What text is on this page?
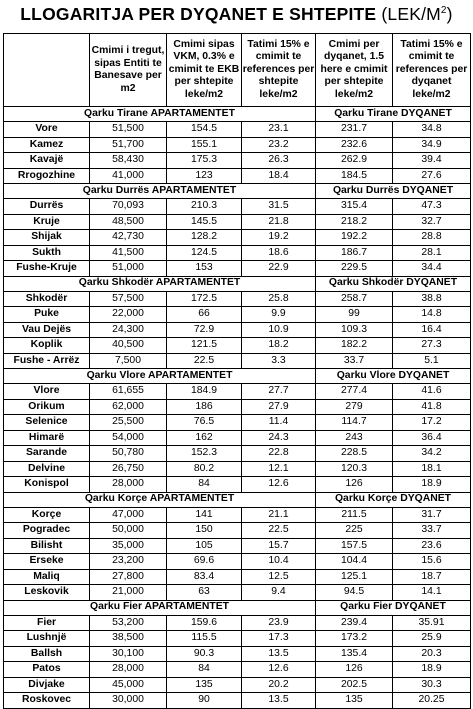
LLOGARITJA PER DYQANET E SHTEPITE $(LEK/M^2)$
	Cmimi i tregut, sipas Entiti te Banesave per m2	Cmimi sipas VKM, 0.3% e cmimit te EKB per shtepite leke/m2	Tatimi 15% e cmimit te references per shtepite leke/m2	Cmimi per dyqanet, 1.5 here e cmimit per shtepite leke/m2	Tatimi 15% e cmimit te references per dyqanet leke/m2
Qarku Tirane APARTAMENTET				Qarku Tirane DYQANET	
Vore	51,500	154.5	23.1	231.7	34.8
Kamez	51,700	155.1	23.2	232.6	34.9
Kavajë	58,430	175.3	26.3	262.9	39.4
Rrogozhine	41,000	123	18.4	184.5	27.6
Qarku Durrës APARTAMENTET				Qarku Durrës DYQANET	
Durrës	70,093	210.3	31.5	315.4	47.3
Kruje	48,500	145.5	21.8	218.2	32.7
Shijak	42,730	128.2	19.2	192.2	28.8
Sukth	41,500	124.5	18.6	186.7	28.1
Fushe-Kruje	51,000	153	22.9	229.5	34.4
Qarku Shkodër APARTAMENTET				Qarku Shkodër DYQANET	
Shkodër	57,500	172.5	25.8	258.7	38.8
Puke	22,000	66	9.9	99	14.8
Vau Dejës	24,300	72.9	10.9	109.3	16.4
Koplik	40,500	121.5	18.2	182.2	27.3
Fushe - Arrëz	7,500	22.5	3.3	33.7	5.1
Qarku Vlore APARTAMENTET				Qarku Vlore DYQANET	
Vlore	61,655	184.9	27.7	277.4	41.6
Orikum	62,000	186	27.9	279	41.8
Selenice	25,500	76.5	11.4	114.7	17.2
Himarë	54,000	162	24.3	243	36.4
Sarande	50,780	152.3	22.8	228.5	34.2
Delvine	26,750	80.2	12.1	120.3	18.1
Konispol	28,000	84	12.6	126	18.9
Qarku Korçe APARTAMENTET				Qarku Korçe DYQANET	
Korçe	47,000	141	21.1	211.5	31.7
Pogradec	50,000	150	22.5	225	33.7
Bilisht	35,000	105	15.7	157.5	23.6
Erseke	23,200	69.6	10.4	104.4	15.6
Maliq	27,800	83.4	12.5	125.1	18.7
Leskovik	21,000	63	9.4	94.5	14.1
Qarku Fier APARTAMENTET				Qarku Fier DYQANET	
Fier	53,200	159.6	23.9	239.4	35.91
Lushnjë	38,500	115.5	17.3	173.2	25.9
Ballsh	30,100	90.3	13.5	135.4	20.3
Patos	28,000	84	12.6	126	18.9
Divjake	45,000	135	20.2	202.5	30.3
Roskovec	30,000	90	13.5	135	20.25
